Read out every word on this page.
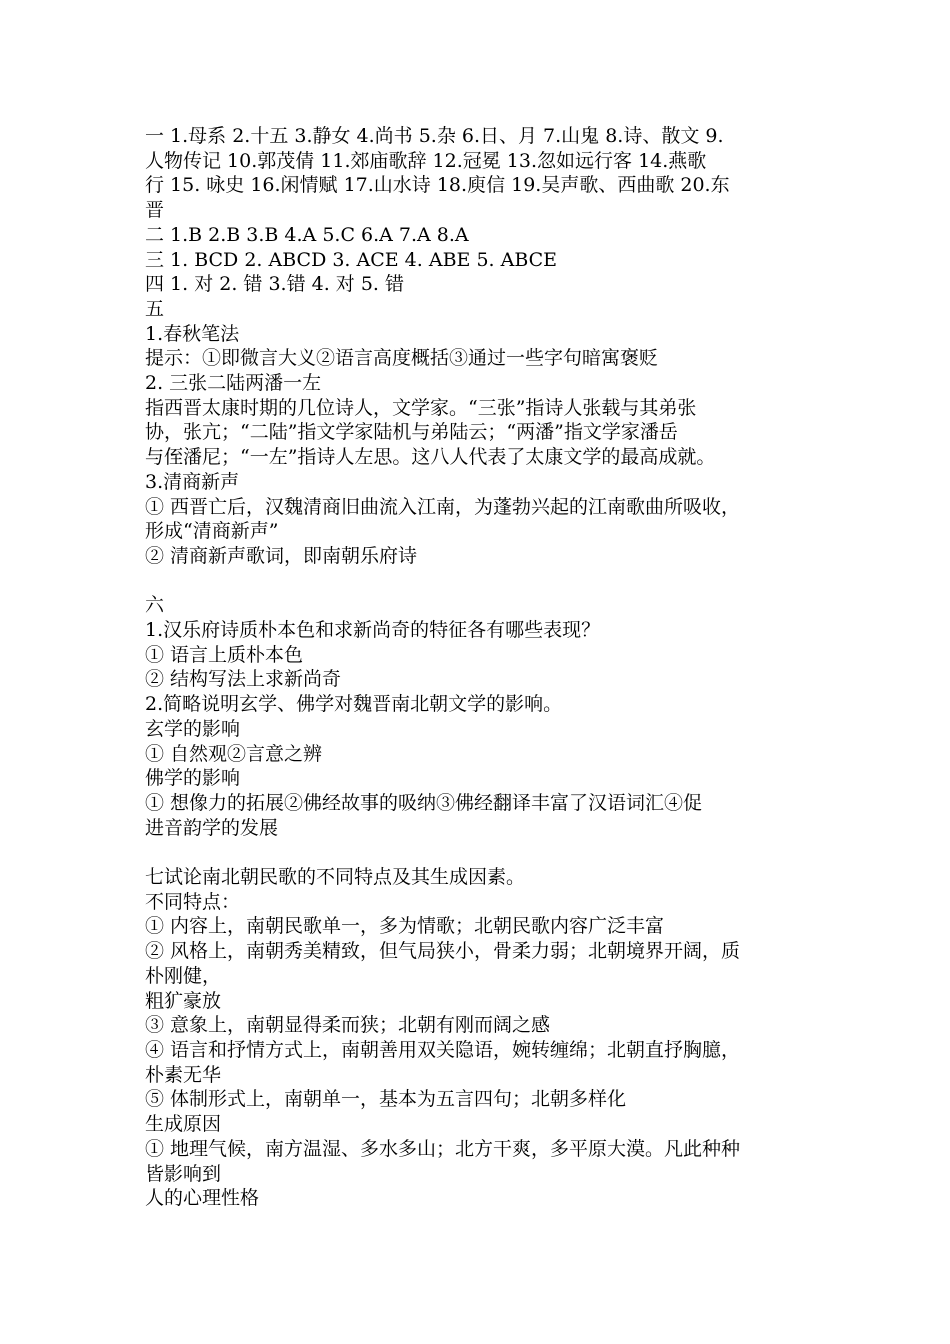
一 1.母系 2.十五 3.静女 4.尚书 5.杂 6.日、月 7.山鬼 8.诗、散文 9.
人物传记 10.郭茂倩 11.郊庙歌辞 12.冠冕 13.忽如远行客 14.燕歌
行 15. 咏史 16.闲情赋 17.山水诗 18.庾信 19.吴声歌、西曲歌 20.东
晋
二 1.B 2.B 3.B 4.A 5.C 6.A 7.A 8.A
三 1. BCD 2. ABCD 3. ACE 4. ABE 5. ABCE
四 1. 对 2. 错 3.错 4. 对 5. 错
五
1.春秋笔法
提示：①即微言大义②语言高度概括③通过一些字句暗寓褒贬
2. 三张二陆两潘一左
指西晋太康时期的几位诗人，文学家。“三张”指诗人张载与其弟张
协，张亢；“二陆”指文学家陆机与弟陆云；“两潘”指文学家潘岳
与侄潘尼；“一左”指诗人左思。这八人代表了太康文学的最高成就。
3.清商新声
① 西晋亡后，汉魏清商旧曲流入江南，为蓬勃兴起的江南歌曲所吸收，
形成“清商新声”
② 清商新声歌词，即南朝乐府诗
六
1.汉乐府诗质朴本色和求新尚奇的特征各有哪些表现？
① 语言上质朴本色
② 结构写法上求新尚奇
2.简略说明玄学、佛学对魏晋南北朝文学的影响。
玄学的影响
① 自然观②言意之辨
佛学的影响
① 想像力的拓展②佛经故事的吸纳③佛经翻译丰富了汉语词汇④促
进音韵学的发展
七试论南北朝民歌的不同特点及其生成因素。
不同特点：
① 内容上，南朝民歌单一，多为情歌；北朝民歌内容广泛丰富
② 风格上，南朝秀美精致，但气局狭小，骨柔力弱；北朝境界开阔，质
朴刚健，
粗犷豪放
③ 意象上，南朝显得柔而狭；北朝有刚而阔之感
④ 语言和抒情方式上，南朝善用双关隐语，婉转缠绵；北朝直抒胸臆，
朴素无华
⑤ 体制形式上，南朝单一，基本为五言四句；北朝多样化
生成原因
① 地理气候，南方温湿、多水多山；北方干爽，多平原大漠。凡此种种
皆影响到
人的心理性格
